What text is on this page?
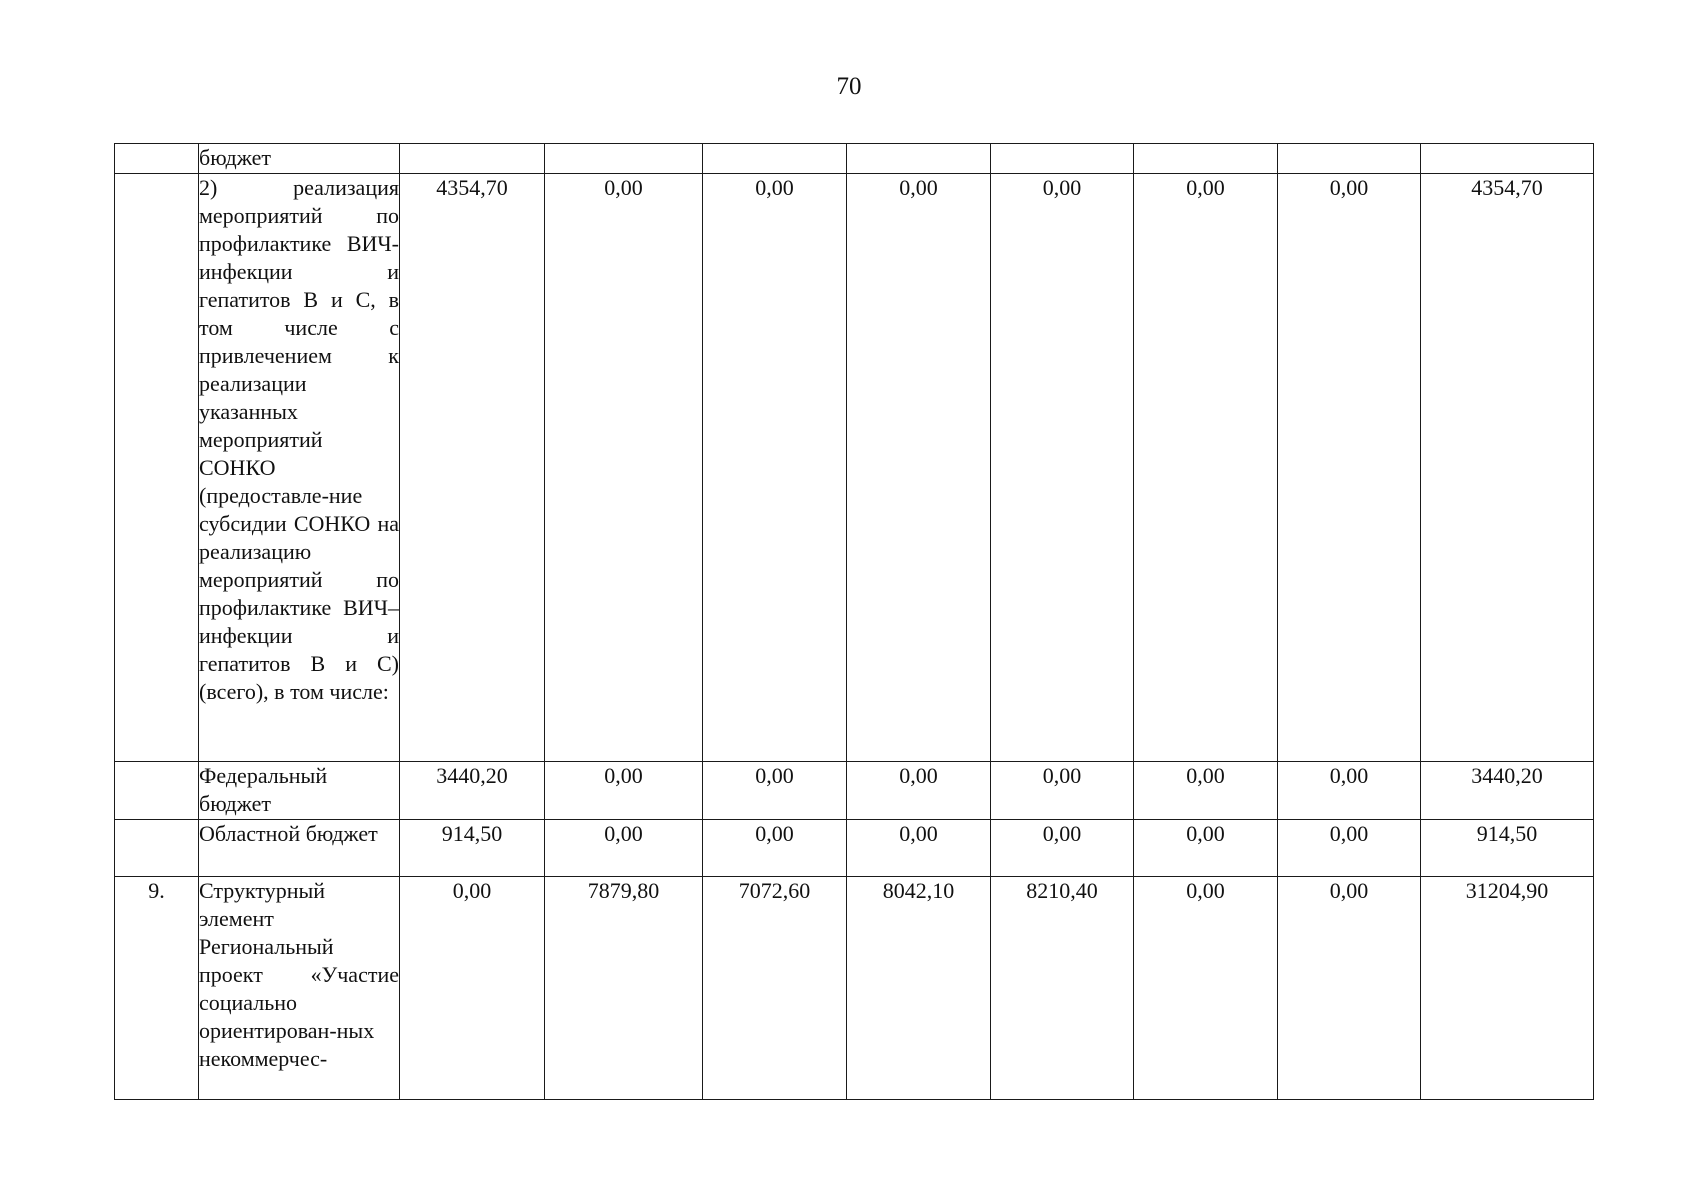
70
	бюджет								
	2) реализация мероприятий по профилактике ВИЧ-инфекции и гепатитов В и С, в том числе с привлечением к реализации указанных мероприятий СОНКО (предоставле-ние субсидии СОНКО на реализацию мероприятий по профилактике ВИЧ–инфекции и гепатитов В и С) (всего), в том числе:	4354,70	0,00	0,00	0,00	0,00	0,00	0,00	4354,70
	Федеральный бюджет	3440,20	0,00	0,00	0,00	0,00	0,00	0,00	3440,20
	Областной бюджет	914,50	0,00	0,00	0,00	0,00	0,00	0,00	914,50
9.	Структурный элемент Региональный проект «Участие социально ориентирован-ных некоммерчес-	0,00	7879,80	7072,60	8042,10	8210,40	0,00	0,00	31204,90
